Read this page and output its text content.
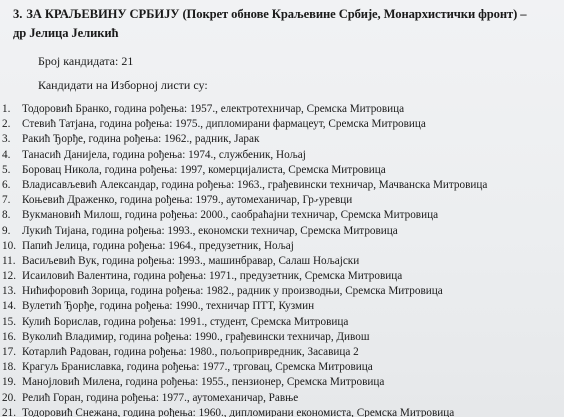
3. ЗА КРАЉЕВИНУ СРБИЈУ (Покрет обнове Краљевине Србије, Монархистички фронт) –
др Јелица Јеликић
Број кандидата: 21
Кандидати на Изборној листи су:
1.	Тодоровић Бранко, година рођења: 1957., електротехничар, Сремска Митровица
2.	Стевић Татјана, година рођења: 1975., дипломирани фармацеут, Сремска Митровица
3.	Ракић Ђорђе, година рођења: 1962., радник, Јарак
4.	Танасић Данијела, година рођења: 1974., службеник, Нољај
5.	Боровац Никола, година рођења: 1997, комерцијалиста, Сремска Митровица
6.	Владисављевић Александар, година рођења: 1963., грађевински техничар, Мачванска Митровица
7.	Коњевић Драженко, година рођења: 1979., аутомеханичар, Грގуревци
8.	Вукмановић Милош, година рођења: 2000., саобраћајни техничар, Сремска Митровица
9.	Лукић Тијана, година рођења: 1993., економски техничар, Сремска Митровица
10. Папић Јелица, година рођења: 1964., предузетник, Нољај
11. Васиљевић Вук, година рођења: 1993., машинбравар, Салаш Нољајски
12. Исаиловић Валентина, година рођења: 1971., предузетник, Сремска Митровица
13. Нићифоровић Зорица, година рођења: 1982., радник у производњи, Сремска Митровица
14. Вулетић Ђорђе, година рођења: 1990., техничар ПТТ, Кузмин
15. Кулић Борислав, година рођења: 1991., студент, Сремска Митровица
16. Вуколић Владимир, година рођења: 1990., грађевински техничар, Дивош
17. Котарлић Радован, година рођења: 1980., пољопривредник, Засавица 2
18. Крагуљ Браниславка, година рођења: 1977., трговац, Сремска Митровица
19. Манојловић Милена, година рођења: 1955., пензионер, Сремска Митровица
20. Релић Горан, година рођења: 1977., аутомеханичар, Равње
21. Тодоровић Снежана, година рођења: 1960., дипломирани економиста, Сремска Митровица
